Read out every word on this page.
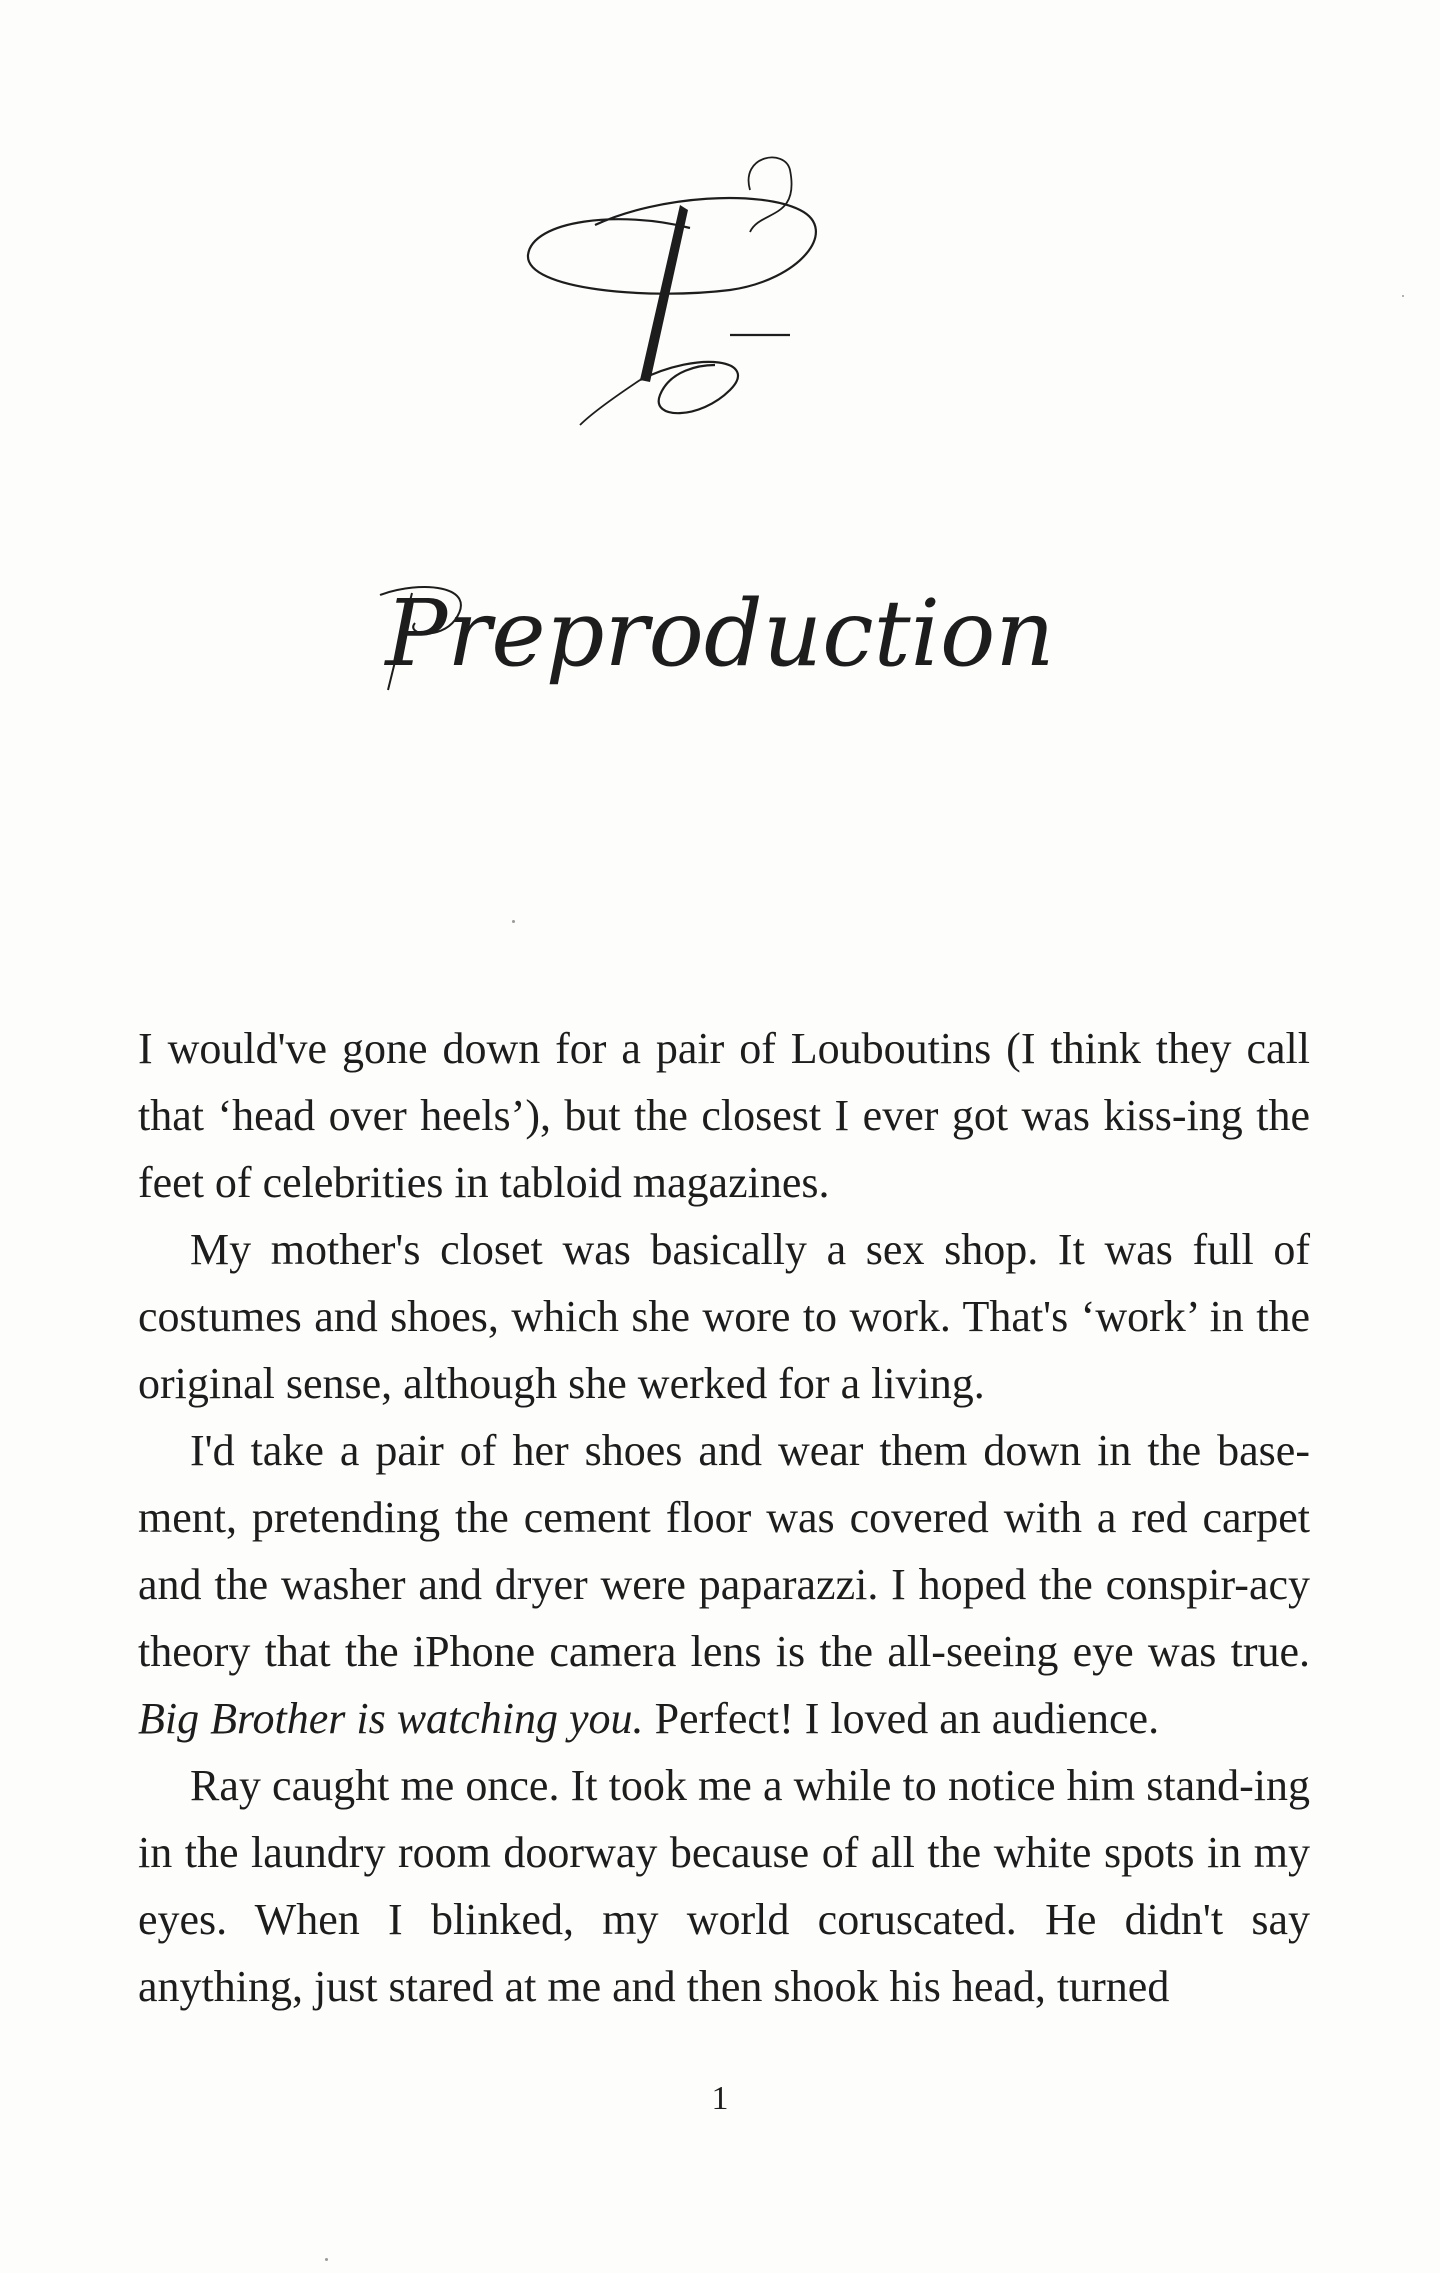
Preproduction

I would've gone down for a pair of Louboutins (I think they call that ‘head over heels’), but the closest I ever got was kiss-ing the feet of celebrities in tabloid magazines.

My mother's closet was basically a sex shop. It was full of costumes and shoes, which she wore to work. That's ‘work’ in the original sense, although she werked for a living.

I'd take a pair of her shoes and wear them down in the base-ment, pretending the cement floor was covered with a red carpet and the washer and dryer were paparazzi. I hoped the conspir-acy theory that the iPhone camera lens is the all-seeing eye was true. Big Brother is watching you. Perfect! I loved an audience.

Ray caught me once. It took me a while to notice him stand-ing in the laundry room doorway because of all the white spots in my eyes. When I blinked, my world coruscated. He didn't say anything, just stared at me and then shook his head, turned

1
